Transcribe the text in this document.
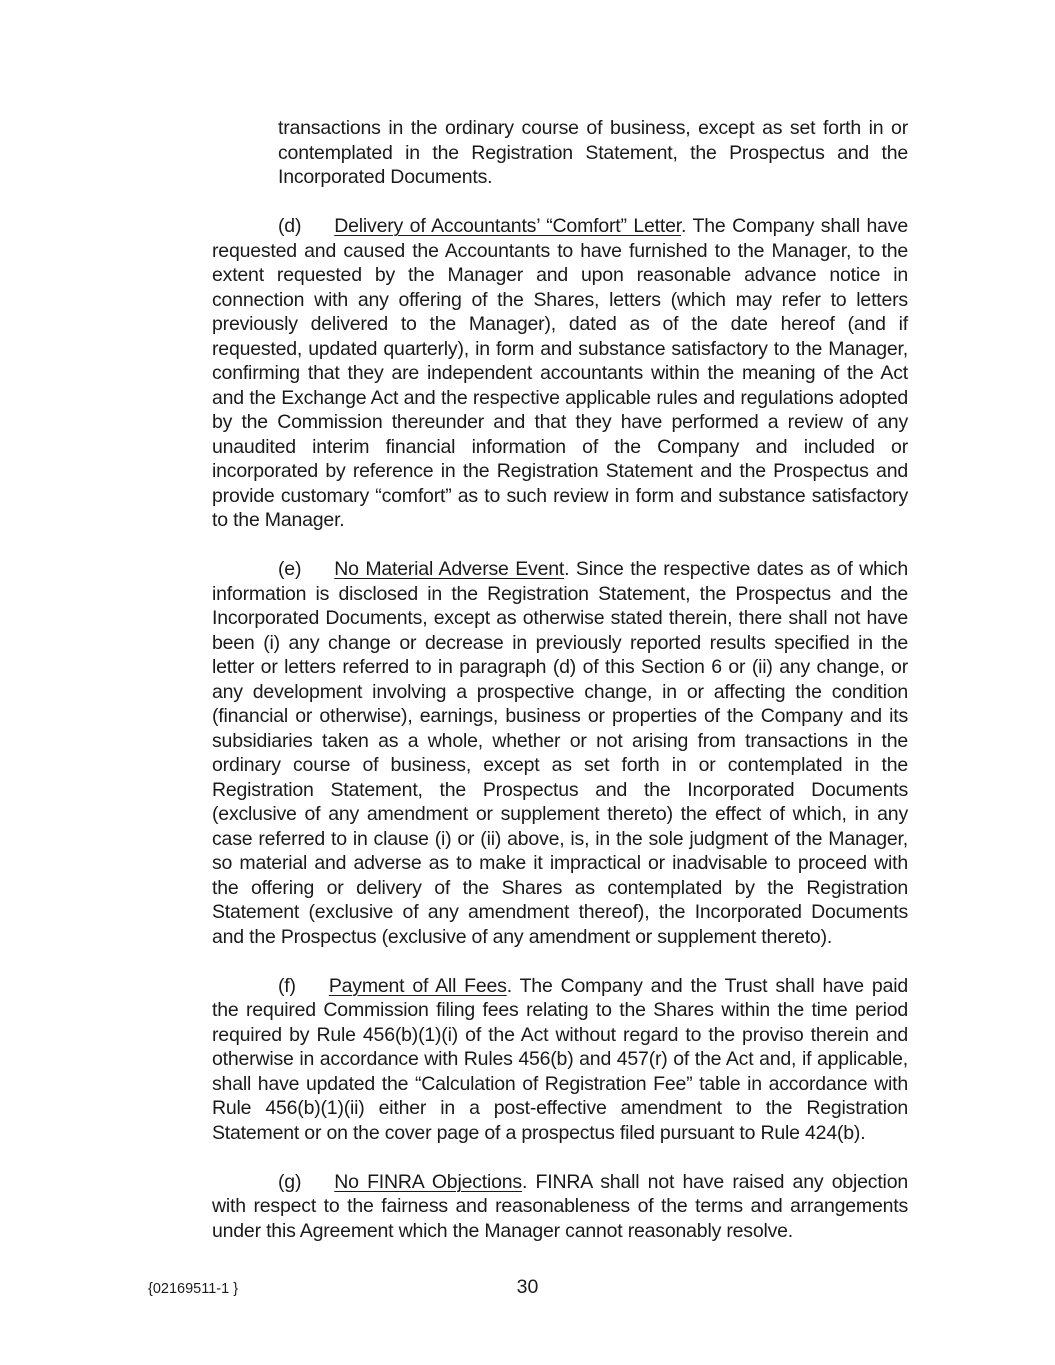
transactions in the ordinary course of business, except as set forth in or contemplated in the Registration Statement, the Prospectus and the Incorporated Documents.

(d) Delivery of Accountants’ “Comfort” Letter. The Company shall have requested and caused the Accountants to have furnished to the Manager, to the extent requested by the Manager and upon reasonable advance notice in connection with any offering of the Shares, letters (which may refer to letters previously delivered to the Manager), dated as of the date hereof (and if requested, updated quarterly), in form and substance satisfactory to the Manager, confirming that they are independent accountants within the meaning of the Act and the Exchange Act and the respective applicable rules and regulations adopted by the Commission thereunder and that they have performed a review of any unaudited interim financial information of the Company and included or incorporated by reference in the Registration Statement and the Prospectus and provide customary “comfort” as to such review in form and substance satisfactory to the Manager.

(e) No Material Adverse Event. Since the respective dates as of which information is disclosed in the Registration Statement, the Prospectus and the Incorporated Documents, except as otherwise stated therein, there shall not have been (i) any change or decrease in previously reported results specified in the letter or letters referred to in paragraph (d) of this Section 6 or (ii) any change, or any development involving a prospective change, in or affecting the condition (financial or otherwise), earnings, business or properties of the Company and its subsidiaries taken as a whole, whether or not arising from transactions in the ordinary course of business, except as set forth in or contemplated in the Registration Statement, the Prospectus and the Incorporated Documents (exclusive of any amendment or supplement thereto) the effect of which, in any case referred to in clause (i) or (ii) above, is, in the sole judgment of the Manager, so material and adverse as to make it impractical or inadvisable to proceed with the offering or delivery of the Shares as contemplated by the Registration Statement (exclusive of any amendment thereof), the Incorporated Documents and the Prospectus (exclusive of any amendment or supplement thereto).

(f) Payment of All Fees. The Company and the Trust shall have paid the required Commission filing fees relating to the Shares within the time period required by Rule 456(b)(1)(i) of the Act without regard to the proviso therein and otherwise in accordance with Rules 456(b) and 457(r) of the Act and, if applicable, shall have updated the “Calculation of Registration Fee” table in accordance with Rule 456(b)(1)(ii) either in a post-effective amendment to the Registration Statement or on the cover page of a prospectus filed pursuant to Rule 424(b).

(g) No FINRA Objections. FINRA shall not have raised any objection with respect to the fairness and reasonableness of the terms and arrangements under this Agreement which the Manager cannot reasonably resolve.

{02169511-1 }	30
